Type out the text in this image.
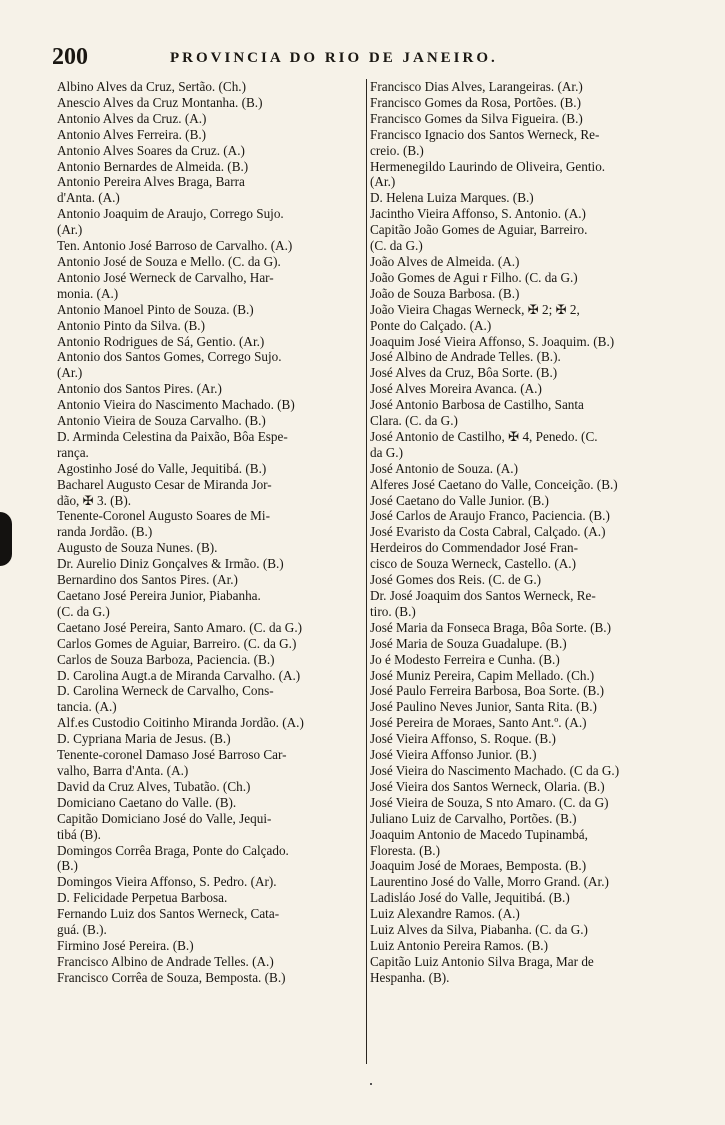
200	PROVINCIA DO RIO DE JANEIRO.
Albino Alves da Cruz, Sertão. (Ch.)
Anescio Alves da Cruz Montanha. (B.)
Antonio Alves da Cruz. (A.)
Antonio Alves Ferreira. (B.)
Antonio Alves Soares da Cruz. (A.)
Antonio Bernardes de Almeida. (B.)
Antonio Pereira Alves Braga, Barra
d'Anta. (A.)
Antonio Joaquim de Araujo, Corrego Sujo.
(Ar.)
Ten. Antonio José Barroso de Carvalho. (A.)
Antonio José de Souza e Mello. (C. da G).
Antonio José Werneck de Carvalho, Har-
monia. (A.)
Antonio Manoel Pinto de Souza. (B.)
Antonio Pinto da Silva. (B.)
Antonio Rodrigues de Sá, Gentio. (Ar.)
Antonio dos Santos Gomes, Corrego Sujo.
(Ar.)
Antonio dos Santos Pires. (Ar.)
Antonio Vieira do Nascimento Machado. (B)
Antonio Vieira de Souza Carvalho. (B.)
D. Arminda Celestina da Paixão, Bôa Espe-
rança.
Agostinho José do Valle, Jequitibá. (B.)
Bacharel Augusto Cesar de Miranda Jor-
dão, ✠ 3. (B).
Tenente-Coronel Augusto Soares de Mi-
randa Jordão. (B.)
Augusto de Souza Nunes. (B).
Dr. Aurelio Diniz Gonçalves & Irmão. (B.)
Bernardino dos Santos Pires. (Ar.)
Caetano José Pereira Junior, Piabanha.
(C. da G.)
Caetano José Pereira, Santo Amaro. (C. da G.)
Carlos Gomes de Aguiar, Barreiro. (C. da G.)
Carlos de Souza Barboza, Paciencia. (B.)
D. Carolina Augt.a de Miranda Carvalho. (A.)
D. Carolina Werneck de Carvalho, Cons-
tancia. (A.)
Alf.es Custodio Coitinho Miranda Jordão. (A.)
D. Cypriana Maria de Jesus. (B.)
Tenente-coronel Damaso José Barroso Car-
valho, Barra d'Anta. (A.)
David da Cruz Alves, Tubatão. (Ch.)
Domiciano Caetano do Valle. (B).
Capitão Domiciano José do Valle, Jequi-
tibá (B).
Domingos Corrêa Braga, Ponte do Calçado.
(B.)
Domingos Vieira Affonso, S. Pedro. (Ar).
D. Felicidade Perpetua Barbosa.
Fernando Luiz dos Santos Werneck, Cata-
guá. (B.).
Firmino José Pereira. (B.)
Francisco Albino de Andrade Telles. (A.)
Francisco Corrêa de Souza, Bemposta. (B.)
Francisco Dias Alves, Larangeiras. (Ar.)
Francisco Gomes da Rosa, Portões. (B.)
Francisco Gomes da Silva Figueira. (B.)
Francisco Ignacio dos Santos Werneck, Re-
creio. (B.)
Hermenegildo Laurindo de Oliveira, Gentio.
(Ar.)
D. Helena Luiza Marques. (B.)
Jacintho Vieira Affonso, S. Antonio. (A.)
Capitão João Gomes de Aguiar, Barreiro.
(C. da G.)
João Alves de Almeida. (A.)
João Gomes de Agui r Filho. (C. da G.)
João de Souza Barbosa. (B.)
João Vieira Chagas Werneck, ✠ 2; ✠ 2,
Ponte do Calçado. (A.)
Joaquim José Vieira Affonso, S. Joaquim. (B.)
José Albino de Andrade Telles. (B.).
José Alves da Cruz, Bôa Sorte. (B.)
José Alves Moreira Avanca. (A.)
José Antonio Barbosa de Castilho, Santa
Clara. (C. da G.)
José Antonio de Castilho, ✠ 4, Penedo. (C.
da G.)
José Antonio de Souza. (A.)
Alferes José Caetano do Valle, Conceição. (B.)
José Caetano do Valle Junior. (B.)
José Carlos de Araujo Franco, Paciencia. (B.)
José Evaristo da Costa Cabral, Calçado. (A.)
Herdeiros do Commendador José Fran-
cisco de Souza Werneck, Castello. (A.)
José Gomes dos Reis. (C. de G.)
Dr. José Joaquim dos Santos Werneck, Re-
tiro. (B.)
José Maria da Fonseca Braga, Bôa Sorte. (B.)
José Maria de Souza Guadalupe. (B.)
Jo é Modesto Ferreira e Cunha. (B.)
José Muniz Pereira, Capim Mellado. (Ch.)
José Paulo Ferreira Barbosa, Boa Sorte. (B.)
José Paulino Neves Junior, Santa Rita. (B.)
José Pereira de Moraes, Santo Ant.º. (A.)
José Vieira Affonso, S. Roque. (B.)
José Vieira Affonso Junior. (B.)
José Vieira do Nascimento Machado. (C da G.)
José Vieira dos Santos Werneck, Olaria. (B.)
José Vieira de Souza, S nto Amaro. (C. da G)
Juliano Luiz de Carvalho, Portões. (B.)
Joaquim Antonio de Macedo Tupinambá,
Floresta. (B.)
Joaquim José de Moraes, Bemposta. (B.)
Laurentino José do Valle, Morro Grand. (Ar.)
Ladisláo José do Valle, Jequitibá. (B.)
Luiz Alexandre Ramos. (A.)
Luiz Alves da Silva, Piabanha. (C. da G.)
Luiz Antonio Pereira Ramos. (B.)
Capitão Luiz Antonio Silva Braga, Mar de
Hespanha. (B).
